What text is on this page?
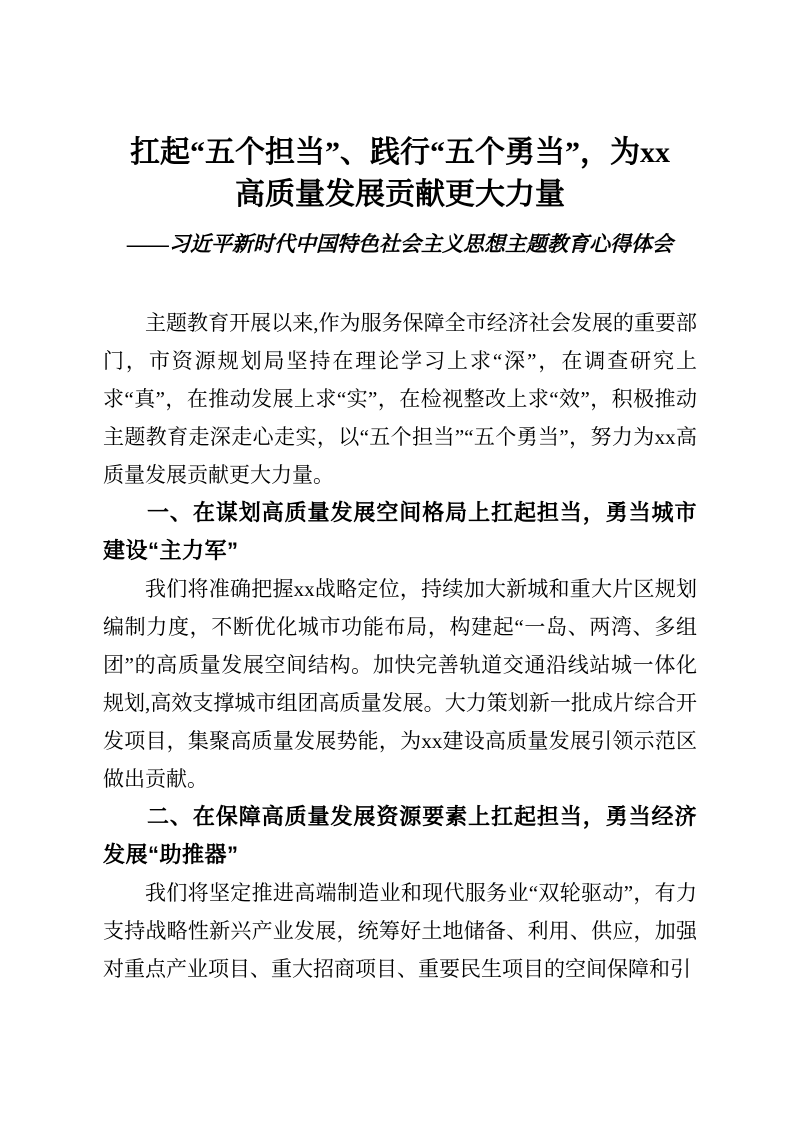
扛起“五个担当”、践行“五个勇当”，为xx
高质量发展贡献更大力量
——习近平新时代中国特色社会主义思想主题教育心得体会

主题教育开展以来,作为服务保障全市经济社会发展的重要部门，市资源规划局坚持在理论学习上求“深”，在调查研究上求“真”，在推动发展上求“实”，在检视整改上求“效”，积极推动主题教育走深走心走实，以“五个担当”“五个勇当”，努力为xx高质量发展贡献更大力量。

一、在谋划高质量发展空间格局上扛起担当，勇当城市建设“主力军”

我们将准确把握xx战略定位，持续加大新城和重大片区规划编制力度，不断优化城市功能布局，构建起“一岛、两湾、多组团”的高质量发展空间结构。加快完善轨道交通沿线站城一体化规划,高效支撑城市组团高质量发展。大力策划新一批成片综合开发项目，集聚高质量发展势能，为xx建设高质量发展引领示范区做出贡献。

二、在保障高质量发展资源要素上扛起担当，勇当经济发展“助推器”

我们将坚定推进高端制造业和现代服务业“双轮驱动”，有力支持战略性新兴产业发展，统筹好土地储备、利用、供应，加强对重点产业项目、重大招商项目、重要民生项目的空间保障和引
